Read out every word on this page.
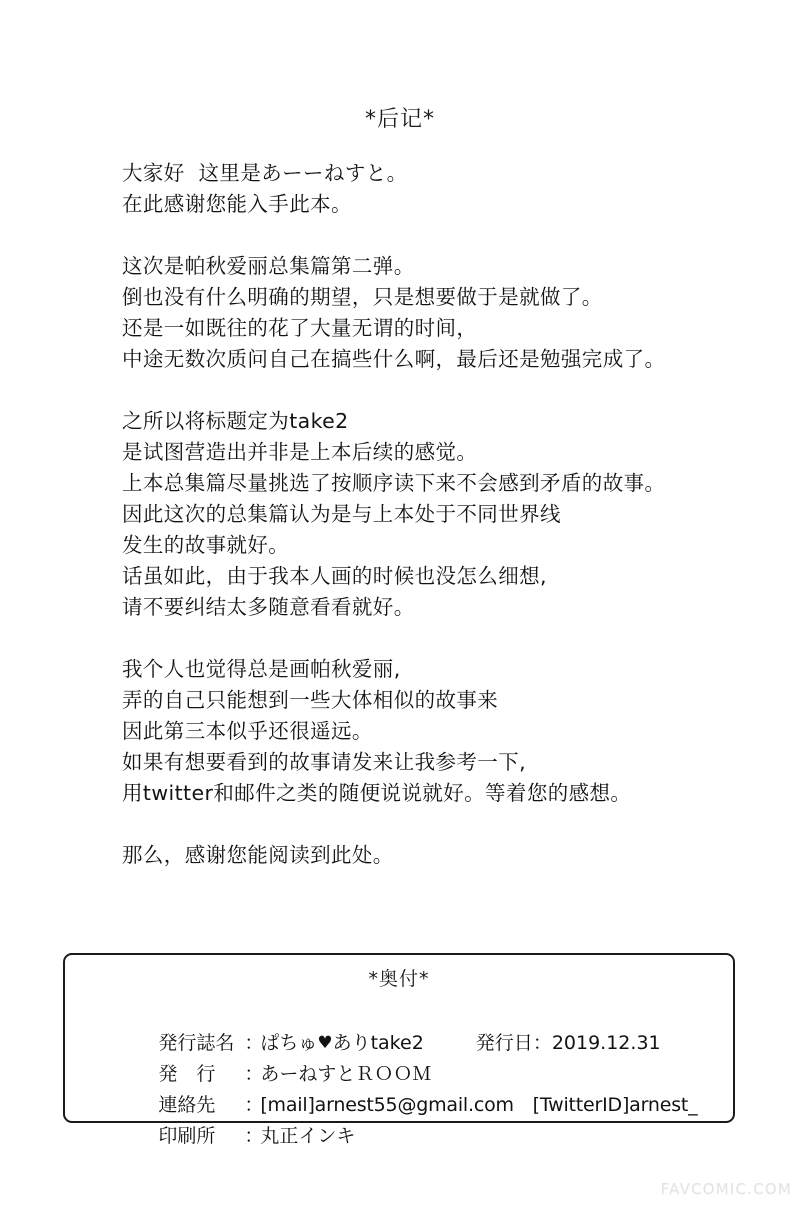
*后记*
大家好  这里是あーーねすと。
在此感谢您能入手此本。
这次是帕秋爱丽总集篇第二弹。
倒也没有什么明确的期望，只是想要做于是就做了。
还是一如既往的花了大量无谓的时间，
中途无数次质问自己在搞些什么啊，最后还是勉强完成了。
之所以将标题定为take2
是试图营造出并非是上本后续的感觉。
上本总集篇尽量挑选了按顺序读下来不会感到矛盾的故事。
因此这次的总集篇认为是与上本处于不同世界线
发生的故事就好。
话虽如此，由于我本人画的时候也没怎么细想,
请不要纠结太多随意看看就好。
我个人也觉得总是画帕秋爱丽,
弄的自己只能想到一些大体相似的故事来
因此第三本似乎还很遥远。
如果有想要看到的故事请发来让我参考一下,
用twitter和邮件之类的随便说说就好。等着您的感想。
那么，感谢您能阅读到此处。
*奥付*

発行誌名 ：ぱちゅ♥ありtake2	発行日：2019.12.31

発　行　：あーねすとＲＯＯＭ

連絡先 ：[mail]arnest55@gmail.com　[TwitterID]arnest_

印刷所 ：丸正インキ

FAVCOMIC.COM
